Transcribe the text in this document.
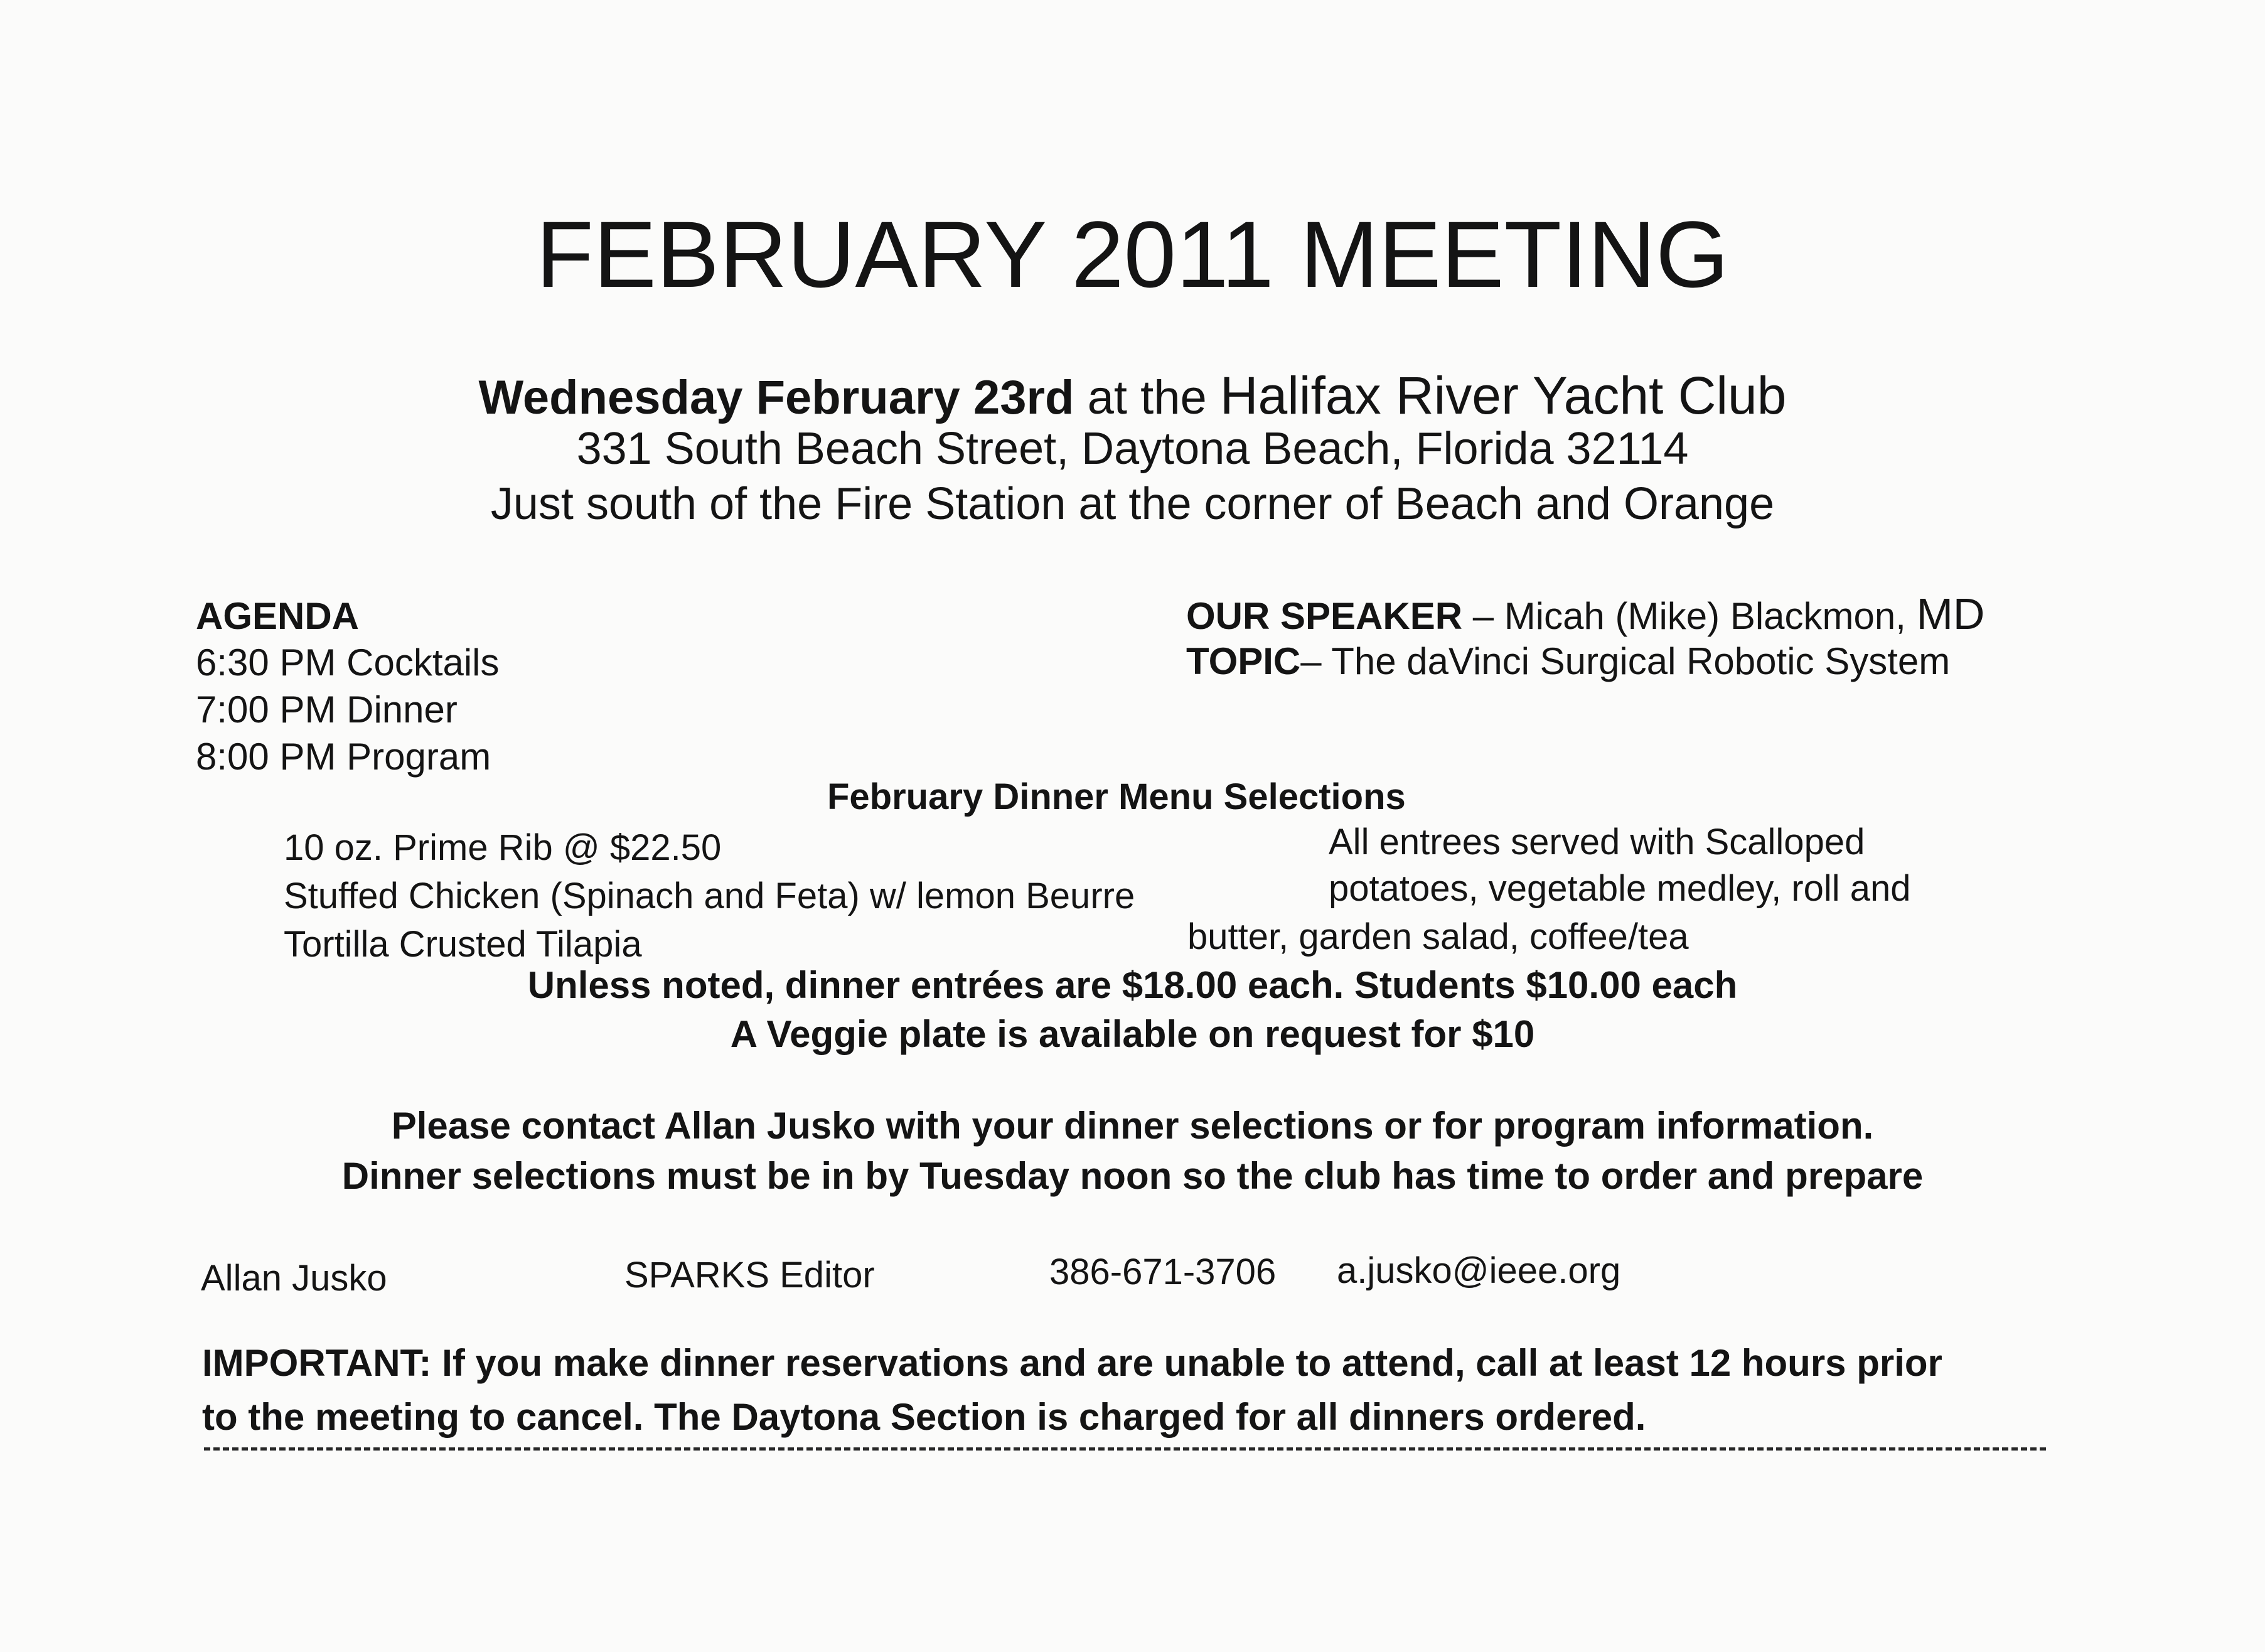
FEBRUARY 2011 MEETING
Wednesday February 23rd at the Halifax River Yacht Club
331 South Beach Street, Daytona Beach, Florida 32114
Just south of the Fire Station at the corner of Beach and Orange
AGENDA
6:30 PM Cocktails
7:00 PM Dinner
8:00 PM Program
OUR SPEAKER – Micah (Mike) Blackmon, MD
TOPIC– The daVinci Surgical Robotic System
February Dinner Menu Selections
10 oz. Prime Rib @ $22.50
Stuffed Chicken (Spinach and Feta) w/ lemon Beurre
Tortilla Crusted Tilapia
All entrees served with Scalloped
potatoes, vegetable medley, roll and
butter, garden salad, coffee/tea
Unless noted, dinner entrées are $18.00 each. Students $10.00 each
A Veggie plate is available on request for $10
Please contact Allan Jusko with your dinner selections or for program information.
Dinner selections must be in by Tuesday noon so the club has time to order and prepare
Allan Jusko	SPARKS Editor	386-671-3706 a.jusko@ieee.org
IMPORTANT: If you make dinner reservations and are unable to attend, call at least 12 hours prior
to the meeting to cancel. The Daytona Section is charged for all dinners ordered.
